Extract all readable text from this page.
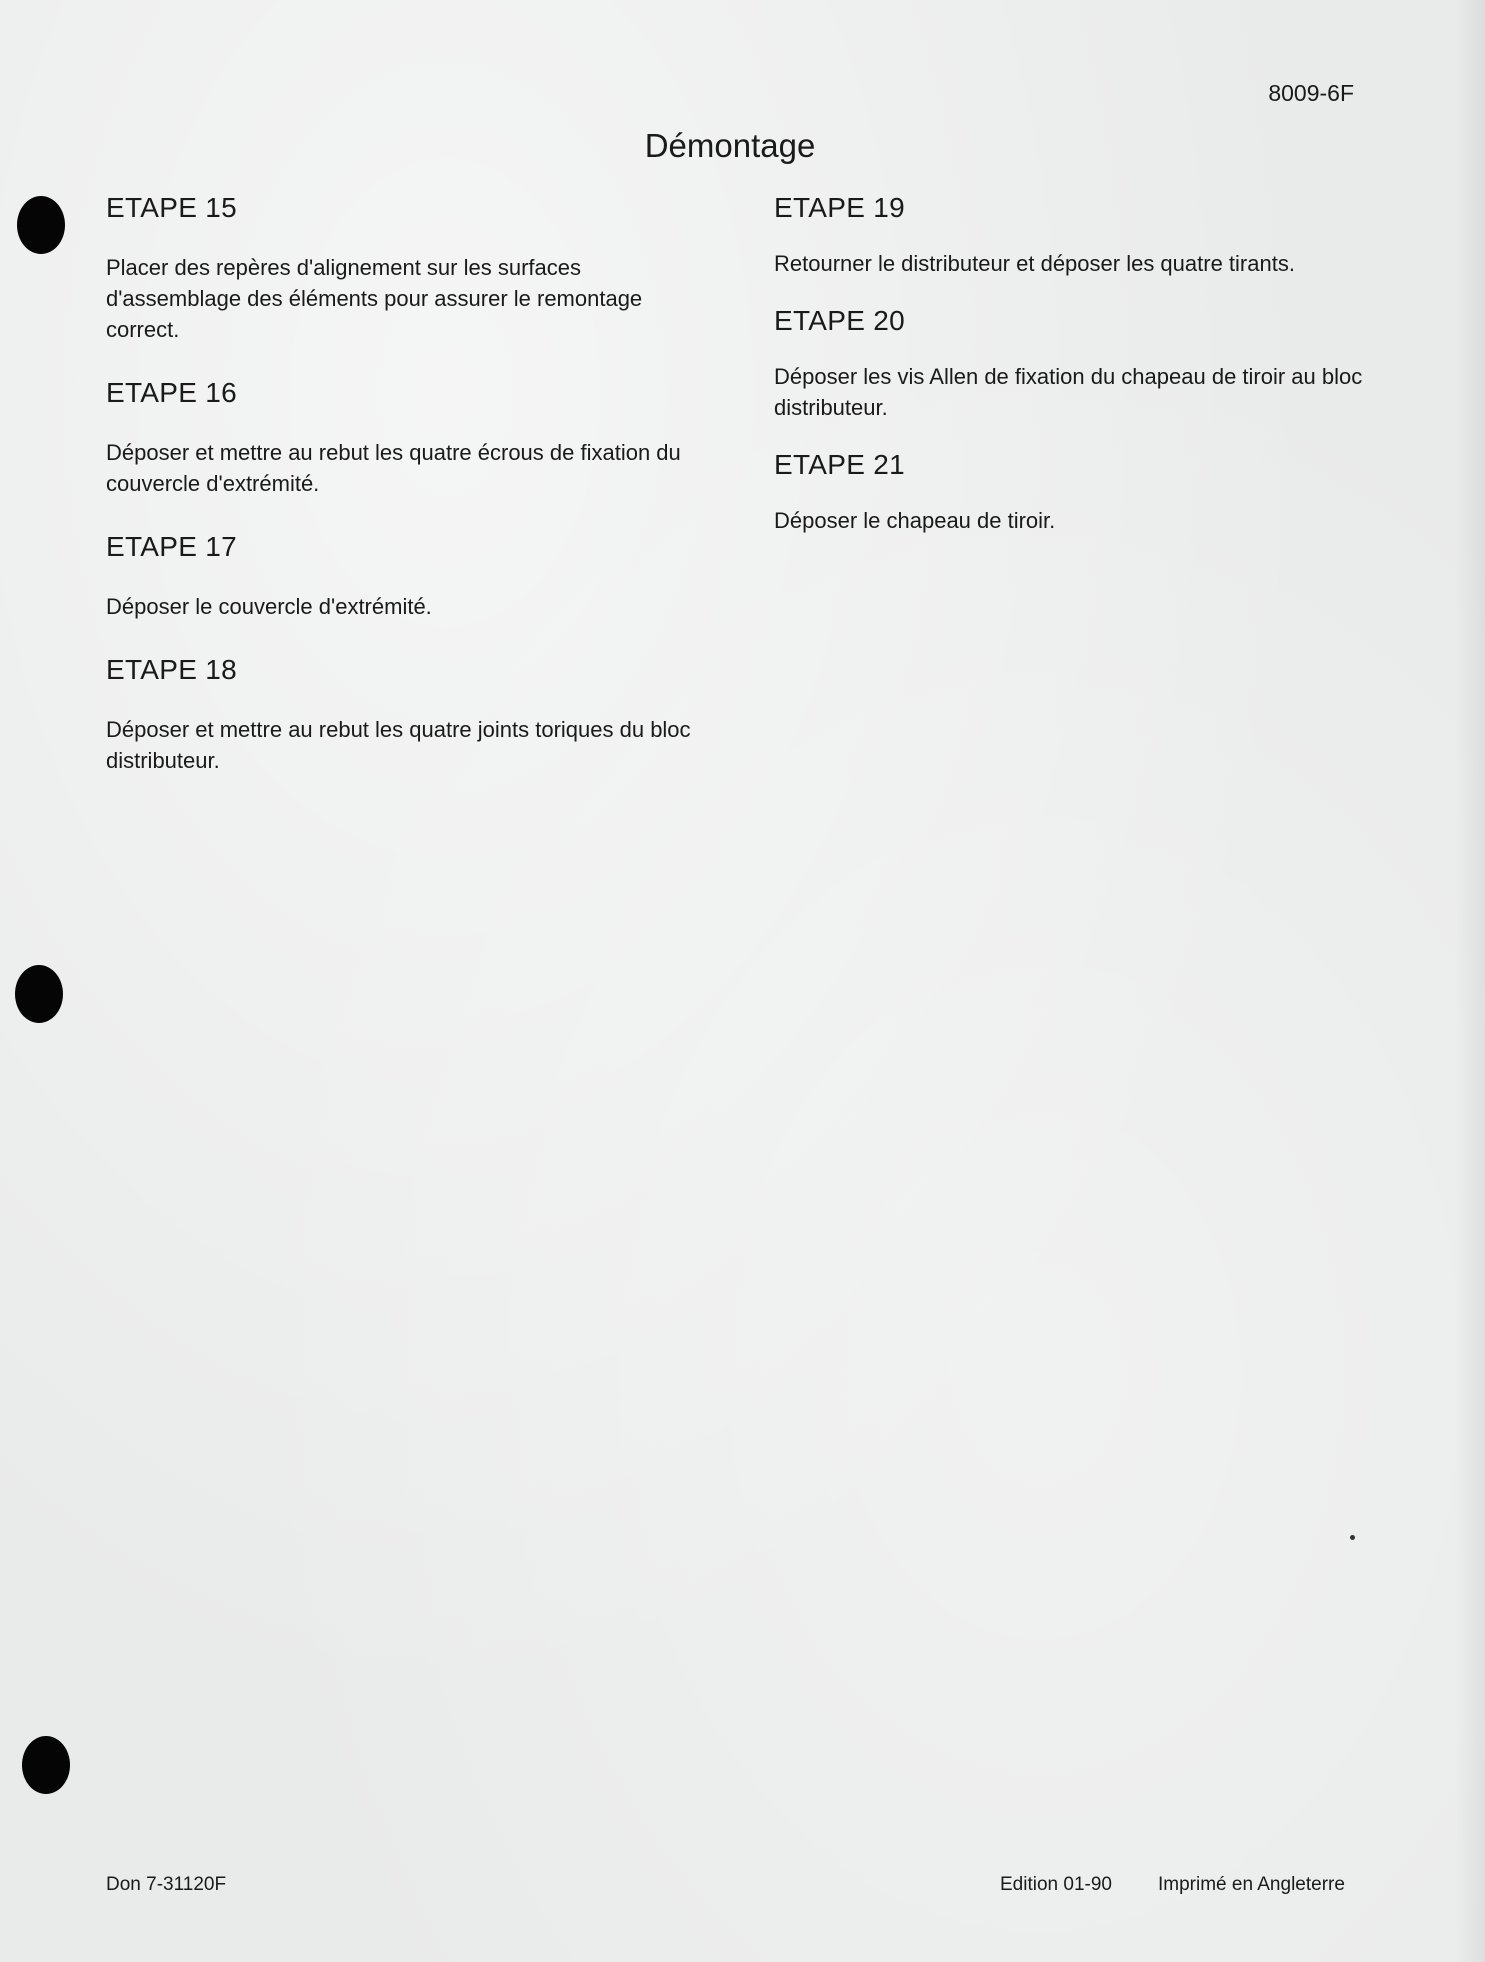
8009-6F
Démontage
ETAPE 15

Placer des repères d'alignement sur les surfaces d'assemblage des éléments pour assurer le remontage correct.

ETAPE 16

Déposer et mettre au rebut les quatre écrous de fixation du couvercle d'extrémité.

ETAPE 17

Déposer le couvercle d'extrémité.

ETAPE 18

Déposer et mettre au rebut les quatre joints toriques du bloc distributeur.

ETAPE 19

Retourner le distributeur et déposer les quatre tirants.

ETAPE 20

Déposer les vis Allen de fixation du chapeau de tiroir au bloc distributeur.

ETAPE 21

Déposer le chapeau de tiroir.

Don 7-31120F	Edition 01-90 Imprimé en Angleterre
